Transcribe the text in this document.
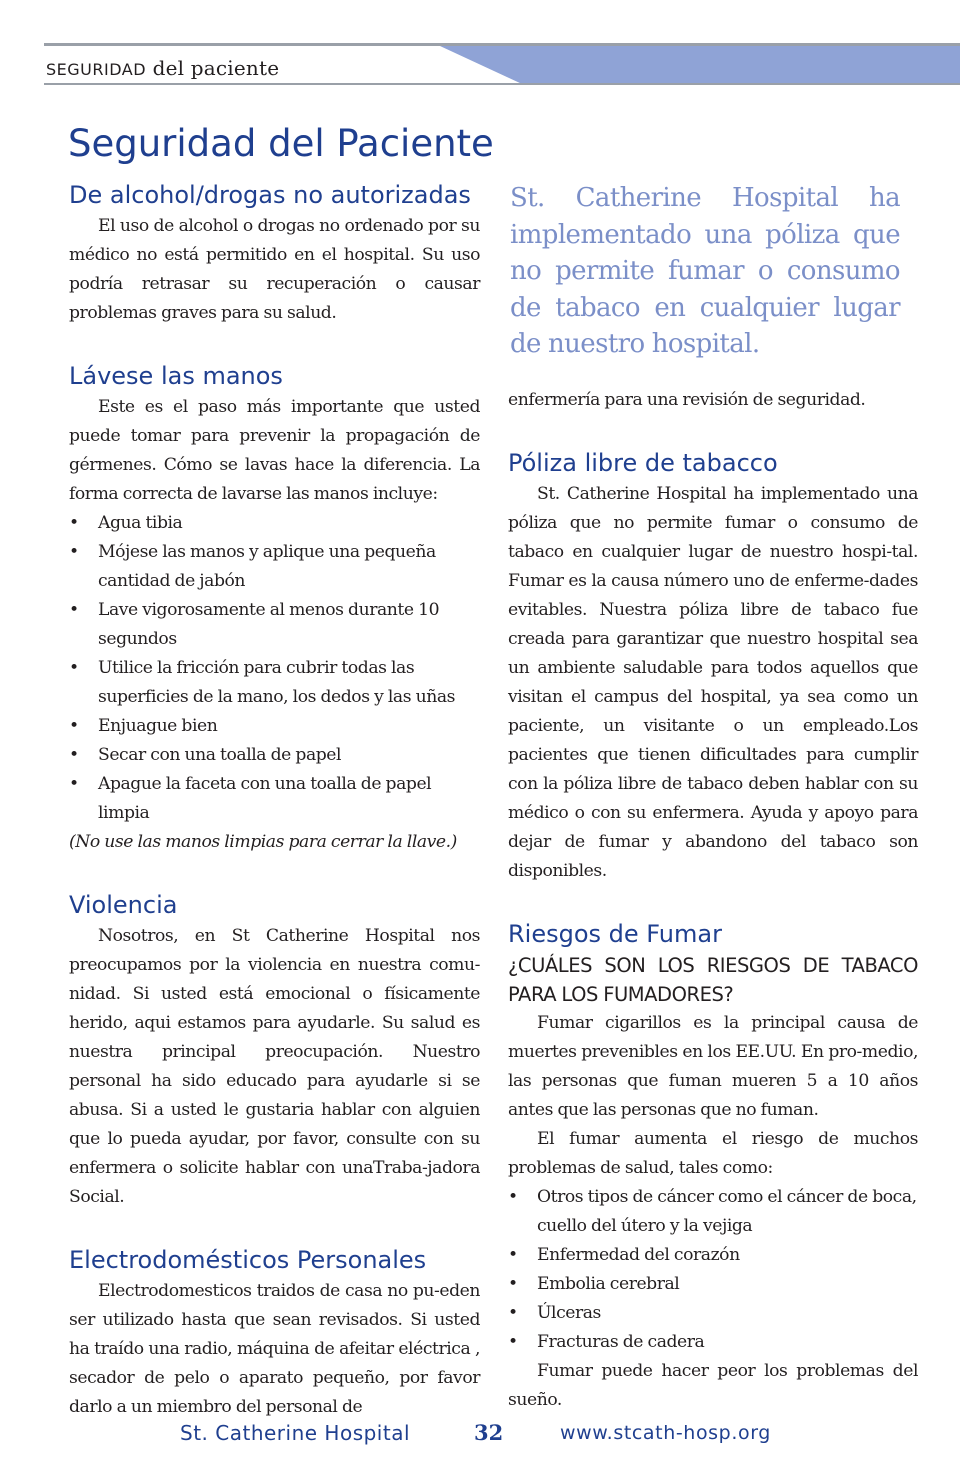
SEGURIDAD del paciente
Seguridad del Paciente

St. Catherine Hospital ha implementado una póliza que no permite fumar o consumo de tabaco en cualquier lugar de nuestro hospital.

De alcohol/drogas no autorizadas

El uso de alcohol o drogas no ordenado por su médico no está permitido en el hospital. Su uso podría retrasar su recuperación o causar problemas graves para su salud.

Lávese las manos

Este es el paso más importante que usted puede tomar para prevenir la propagación de gérmenes. Cómo se lavas hace la diferencia. La forma correcta de lavarse las manos incluye:

• Agua tibia
• Mójese las manos y aplique una pequeña cantidad de jabón
• Lave vigorosamente al menos durante 10 segundos
• Utilice la fricción para cubrir todas las superficies de la mano, los dedos y las uñas
• Enjuague bien
• Secar con una toalla de papel
• Apague la faceta con una toalla de papel limpia

(No use las manos limpias para cerrar la llave.)

Violencia

Nosotros, en St Catherine Hospital nos preocupamos por la violencia en nuestra comu-nidad. Si usted está emocional o físicamente herido, aqui estamos para ayudarle. Su salud es nuestra principal preocupación. Nuestro personal ha sido educado para ayudarle si se abusa. Si a usted le gustaria hablar con alguien que lo pueda ayudar, por favor, consulte con su enfermera o solicite hablar con unaTraba-jadora Social.

Electrodomésticos Personales

Electrodomesticos traidos de casa no pu-eden ser utilizado hasta que sean revisados. Si usted ha traído una radio, máquina de afeitar eléctrica , secador de pelo o aparato pequeño, por favor darlo a un miembro del personal de

enfermería para una revisión de seguridad.

Póliza libre de tabacco

St. Catherine Hospital ha implementado una póliza que no permite fumar o consumo de tabaco en cualquier lugar de nuestro hospi-tal. Fumar es la causa número uno de enferme-dades evitables. Nuestra póliza libre de tabaco fue creada para garantizar que nuestro hospital sea un ambiente saludable para todos aquellos que visitan el campus del hospital, ya sea como un paciente, un visitante o un empleado.Los pacientes que tienen dificultades para cumplir con la póliza libre de tabaco deben hablar con su médico o con su enfermera. Ayuda y apoyo para dejar de fumar y abandono del tabaco son disponibles.

Riesgos de Fumar

¿CUÁLES SON LOS RIESGOS DE TABACO PARA LOS FUMADORES?

Fumar cigarillos es la principal causa de muertes prevenibles en los EE.UU. En pro-medio, las personas que fuman mueren 5 a 10 años antes que las personas que no fuman.

El fumar aumenta el riesgo de muchos problemas de salud, tales como:

• Otros tipos de cáncer como el cáncer de boca, cuello del útero y la vejiga
• Enfermedad del corazón
• Embolia cerebral
• Úlceras
• Fracturas de cadera

Fumar puede hacer peor los problemas del sueño.

St. Catherine Hospital	32	www.stcath-hosp.org
